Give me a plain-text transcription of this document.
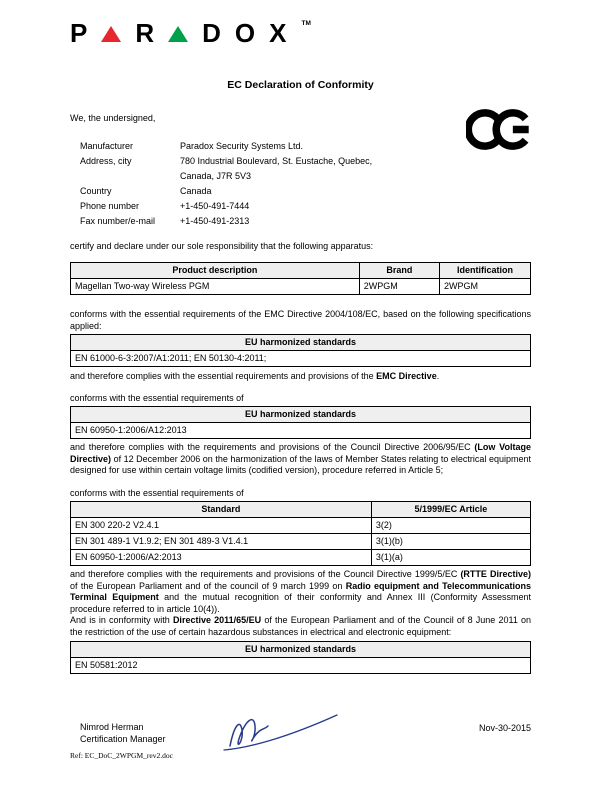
P R D O X TM
EC Declaration of Conformity

We, the undersigned,

Manufacturer	Paradox Security Systems Ltd.
Address, city	780 Industrial Boulevard, St. Eustache, Quebec,
Canada, J7R 5V3
Country	Canada
Phone number	+1-450-491-7444
Fax number/e-mail	+1-450-491-2313

certify and declare under our sole responsibility that the following apparatus:

Product description	Brand	Identification
Magellan Two-way Wireless PGM	2WPGM	2WPGM

conforms with the essential requirements of the EMC Directive 2004/108/EC, based on the following specifications applied:

EU harmonized standards
EN 61000-6-3:2007/A1:2011; EN 50130-4:2011;

and therefore complies with the essential requirements and provisions of the EMC Directive.

conforms with the essential requirements of

EU harmonized standards
EN 60950-1:2006/A12:2013

and therefore complies with the requirements and provisions of the Council Directive 2006/95/EC (Low Voltage Directive) of 12 December 2006 on the harmonization of the laws of Member States relating to electrical equipment designed for use within certain voltage limits (codified version), procedure referred in Article 5;

conforms with the essential requirements of

Standard	5/1999/EC Article
EN 300 220-2 V2.4.1	3(2)
EN 301 489-1 V1.9.2; EN 301 489-3 V1.4.1	3(1)(b)
EN 60950-1:2006/A2:2013	3(1)(a)

and therefore complies with the requirements and provisions of the Council Directive 1999/5/EC (RTTE Directive) of the European Parliament and of the council of 9 march 1999 on Radio equipment and Telecommunications Terminal Equipment and the mutual recognition of their conformity and Annex III (Conformity Assessment procedure referred to in article 10(4)).

And is in conformity with Directive 2011/65/EU of the European Parliament and of the Council of 8 June 2011 on the restriction of the use of certain hazardous substances in electrical and electronic equipment:

EU harmonized standards
EN 50581:2012
Nimrod Herman
Certification Manager
Nov-30-2015
Ref: EC_DoC_2WPGM_rev2.doc
